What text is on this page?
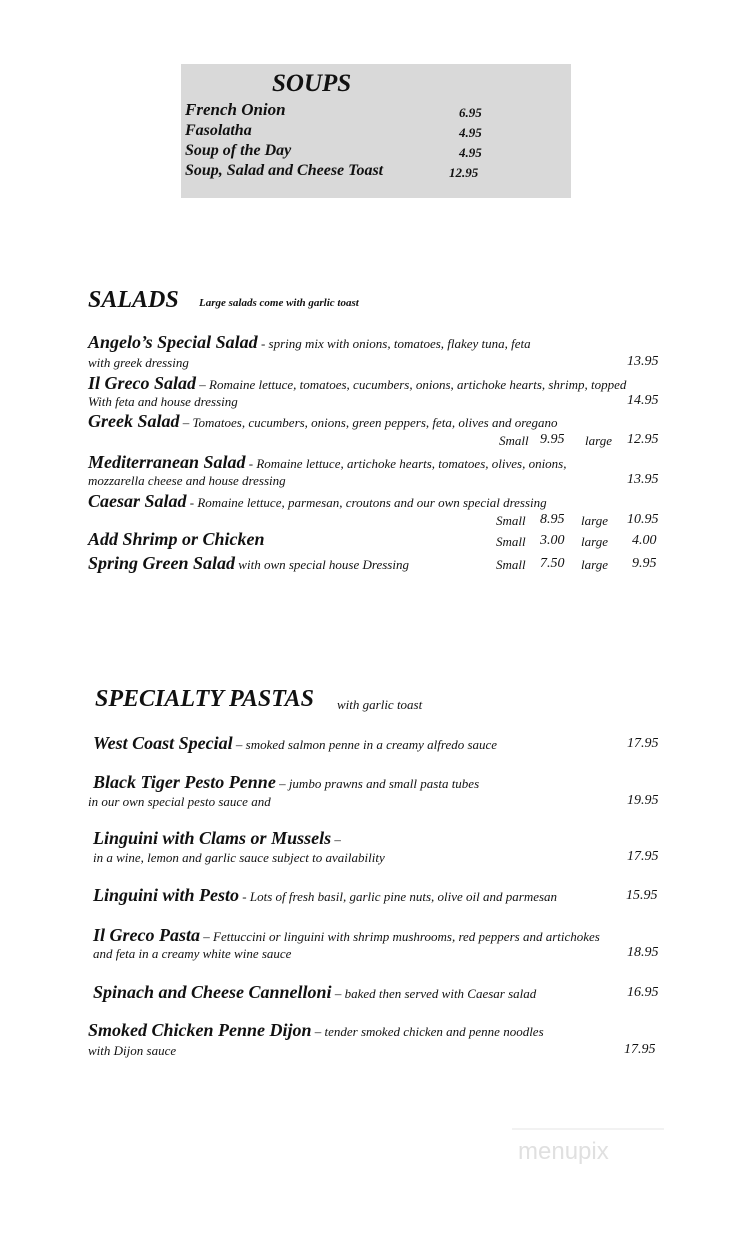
SOUPS
French Onion	6.95
Fasolatha	4.95
Soup of the Day	4.95
Soup, Salad and Cheese Toast	12.95
SALADS Large salads come with garlic toast
Angelo’s Special Salad - spring mix with onions, tomatoes, flakey tuna, feta
with greek dressing	13.95
Il Greco Salad – Romaine lettuce, tomatoes, cucumbers, onions, artichoke hearts, shrimp, topped
With feta and house dressing	14.95
Greek Salad – Tomatoes, cucumbers, onions, green peppers, feta, olives and oregano
Small 9.95 large 12.95
Mediterranean Salad - Romaine lettuce, artichoke hearts, tomatoes, olives, onions,
mozzarella cheese and house dressing	13.95
Caesar Salad - Romaine lettuce, parmesan, croutons and our own special dressing
Small 8.95 large 10.95
Add Shrimp or Chicken	Small 3.00 large 4.00
Spring Green Salad with own special house Dressing	Small 7.50 large 9.95
SPECIALTY PASTAS with garlic toast
West Coast Special – smoked salmon penne in a creamy alfredo sauce	17.95
Black Tiger Pesto Penne – jumbo prawns and small pasta tubes
in our own special pesto sauce and	19.95
Linguini with Clams or Mussels –
in a wine, lemon and garlic sauce subject to availability	17.95
Linguini with Pesto - Lots of fresh basil, garlic pine nuts, olive oil and parmesan	15.95
Il Greco Pasta – Fettuccini or linguini with shrimp mushrooms, red peppers and artichokes
and feta in a creamy white wine sauce	18.95
Spinach and Cheese Cannelloni – baked then served with Caesar salad	16.95
Smoked Chicken Penne Dijon – tender smoked chicken and penne noodles
with Dijon sauce	17.95
menupix
